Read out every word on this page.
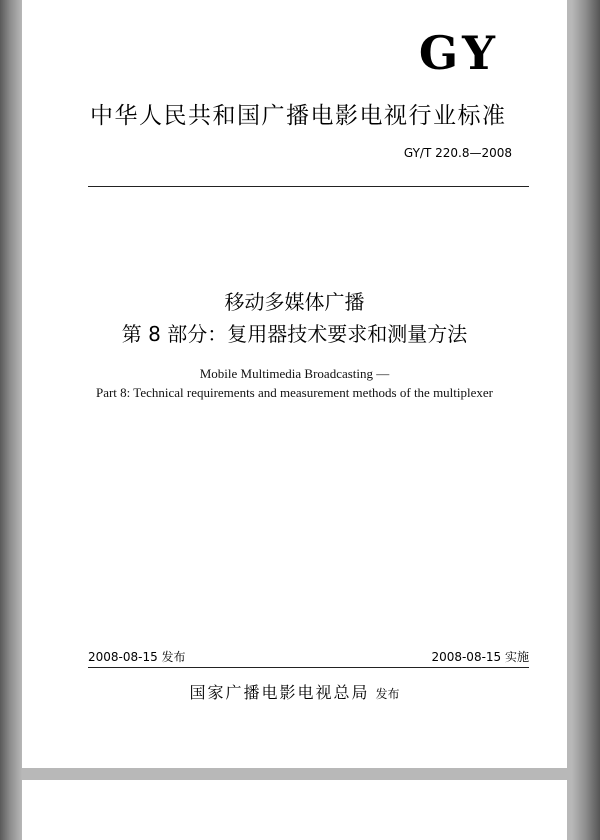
GY
中华人民共和国广播电影电视行业标准
GY/T 220.8—2008
移动多媒体广播
第 8 部分：复用器技术要求和测量方法
Mobile Multimedia Broadcasting —
Part 8: Technical requirements and measurement methods of the multiplexer
2008-08-15 发布	2008-08-15 实施
国家广播电影电视总局 发布
